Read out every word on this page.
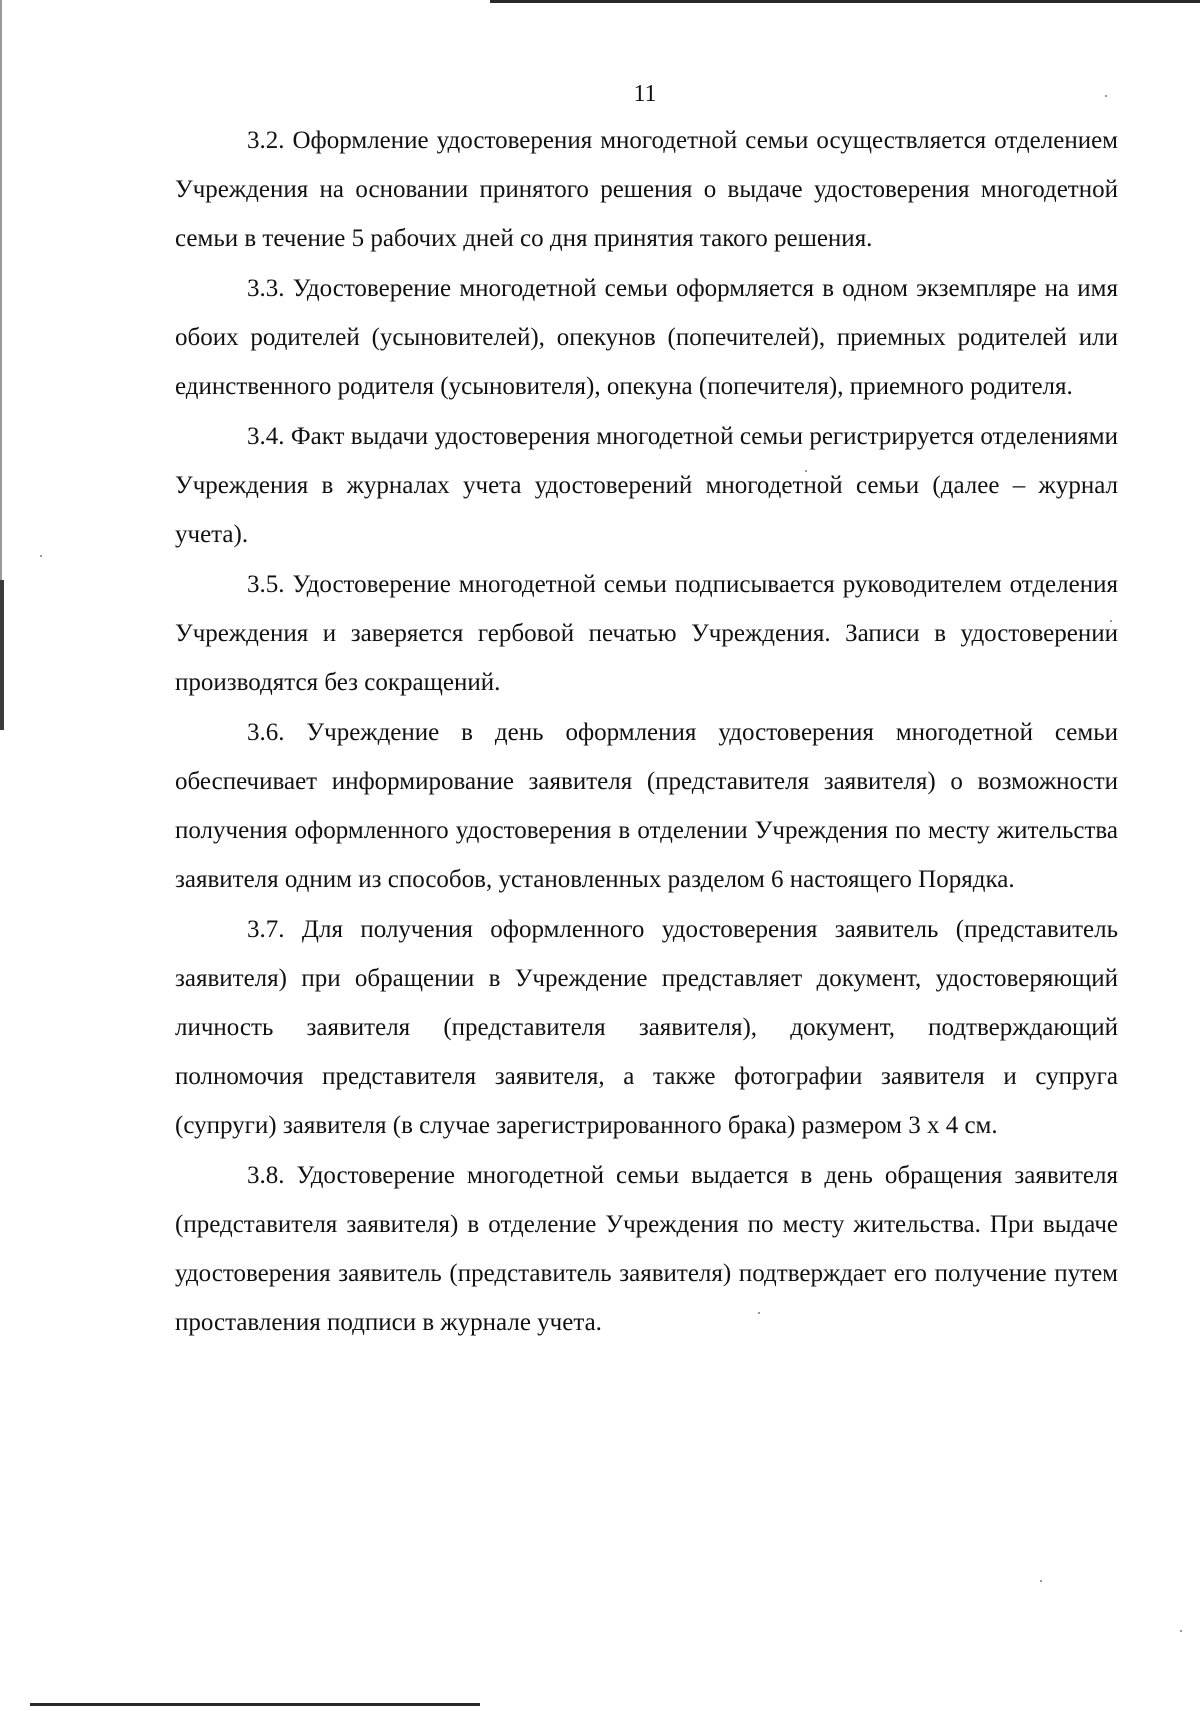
11

3.2. Оформление удостоверения многодетной семьи осуществляется отделением Учреждения на основании принятого решения о выдаче удостоверения многодетной семьи в течение 5 рабочих дней со дня принятия такого решения.

3.3. Удостоверение многодетной семьи оформляется в одном экземпляре на имя обоих родителей (усыновителей), опекунов (попечителей), приемных родителей или единственного родителя (усыновителя), опекуна (попечителя), приемного родителя.

3.4. Факт выдачи удостоверения многодетной семьи регистрируется отделениями Учреждения в журналах учета удостоверений многодетной семьи (далее – журнал учета).

3.5. Удостоверение многодетной семьи подписывается руководителем отделения Учреждения и заверяется гербовой печатью Учреждения. Записи в удостоверении производятся без сокращений.

3.6. Учреждение в день оформления удостоверения многодетной семьи обеспечивает информирование заявителя (представителя заявителя) о возможности получения оформленного удостоверения в отделении Учреждения по месту жительства заявителя одним из способов, установленных разделом 6 настоящего Порядка.

3.7. Для получения оформленного удостоверения заявитель (представитель заявителя) при обращении в Учреждение представляет документ, удостоверяющий личность заявителя (представителя заявителя), документ, подтверждающий полномочия представителя заявителя, а также фотографии заявителя и супруга (супруги) заявителя (в случае зарегистрированного брака) размером 3 х 4 см.

3.8. Удостоверение многодетной семьи выдается в день обращения заявителя (представителя заявителя) в отделение Учреждения по месту жительства. При выдаче удостоверения заявитель (представитель заявителя) подтверждает его получение путем проставления подписи в журнале учета.
